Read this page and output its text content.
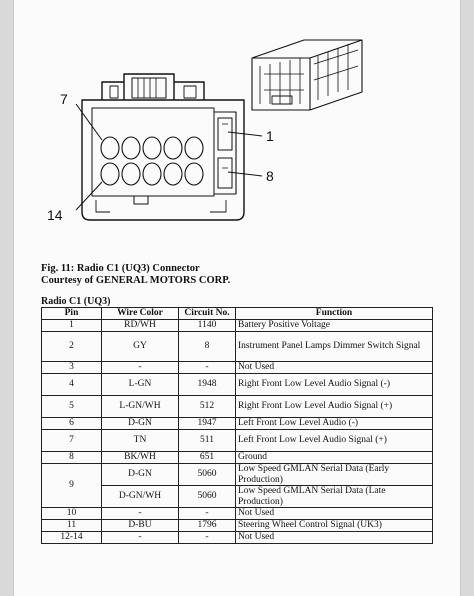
7
1
8
14
Fig. 11: Radio C1 (UQ3) Connector
Courtesy of GENERAL MOTORS CORP.
Radio C1 (UQ3)
Pin	Wire Color	Circuit No.	Function
1	RD/WH	1140	Battery Positive Voltage
2	GY	8	Instrument Panel Lamps Dimmer Switch Signal
3	-	-	Not Used
4	L-GN	1948	Right Front Low Level Audio Signal (-)
5	L-GN/WH	512	Right Front Low Level Audio Signal (+)
6	D-GN	1947	Left Front Low Level Audio (-)
7	TN	511	Left Front Low Level Audio Signal (+)
8	BK/WH	651	Ground
9	D-GN	5060	Low Speed GMLAN Serial Data (Early Production)
	D-GN/WH	5060	Low Speed GMLAN Serial Data (Late Production)
10	-	-	Not Used
11	D-BU	1796	Steering Wheel Control Signal (UK3)
12-14	-	-	Not Used
